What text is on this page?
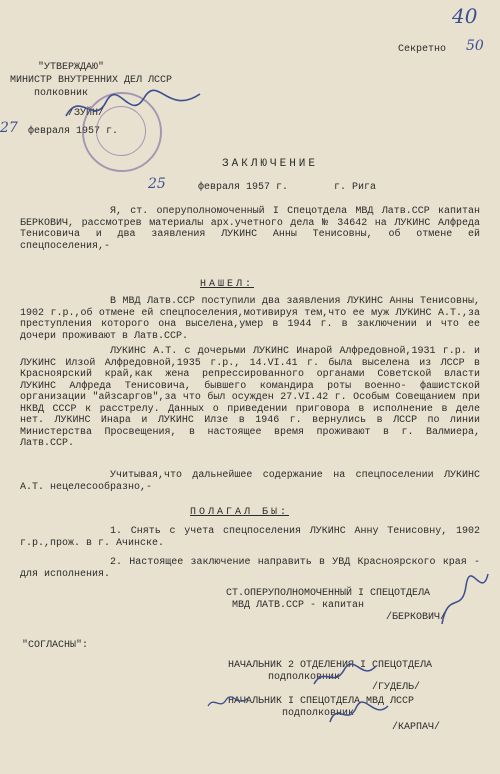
40
Секретно 50
"УТВЕРЖДАЮ"
МИНИСТР ВНУТРЕННИХ ДЕЛ ЛССР
полковник
/ЗУЙН/
27 февраля 1957 г.
ЗАКЛЮЧЕНИЕ
25	февраля 1957 г.	г. Рига
Я, ст. оперуполномоченный I Спецотдела МВД Латв.ССР капитан БЕРКОВИЧ, рассмотрев материалы арх.учетного дела № 34642 на ЛУКИНС Алфреда Тенисовича и два заявления ЛУКИНС Анны Тенисовны, об отмене ей спецпоселения,-
НАШЕЛ:
В МВД Латв.ССР поступили два заявления ЛУКИНС Анны Тенисовны, 1902 г.р.,об отмене ей спецпоселения,мотивируя тем,что ее муж ЛУКИНС А.Т.,за преступления которого она выселена,умер в 1944 г. в заключении и что ее дочери проживают в Латв.ССР.
ЛУКИНС А.Т. с дочерьми ЛУКИНС Инарой Алфредовной,1931 г.р. и ЛУКИНС Илзой Алфредовной,1935 г.р., 14.VI.41 г. была выселена из ЛССР в Красноярский край,как жена репрессированного органами Советской власти ЛУКИНС Алфреда Тенисовича, бывшего командира роты военно- фашистской организации "айзсаргов",за что был осужден 27.VI.42 г. Особым Совещанием при НКВД СССР к расстрелу. Данных о приведении приговора в исполнение в деле нет. ЛУКИНС Инара и ЛУКИНС Илзе в 1946 г. вернулись в ЛССР по линии Министерства Просвещения, в настоящее время проживают в г. Валмиера, Латв.ССР.
Учитывая,что дальнейшее содержание на спецпоселении ЛУКИНС А.Т. нецелесообразно,-
ПОЛАГАЛ БЫ:
1. Снять с учета спецпоселения ЛУКИНС Анну Тенисовну, 1902 г.р.,прож. в г. Ачинске.
2. Настоящее заключение направить в УВД Красноярского края - для исполнения.
СТ.ОПЕРУПОЛНОМОЧЕННЫЙ I СПЕЦОТДЕЛА
МВД ЛАТВ.ССР - капитан
/БЕРКОВИЧ/
"СОГЛАСНЫ":
НАЧАЛЬНИК 2 ОТДЕЛЕНИЯ I СПЕЦОТДЕЛА
подполковник
/ГУДЕЛЬ/
НАЧАЛЬНИК I СПЕЦОТДЕЛА МВД ЛССР
подполковник
/КАРПАЧ/
